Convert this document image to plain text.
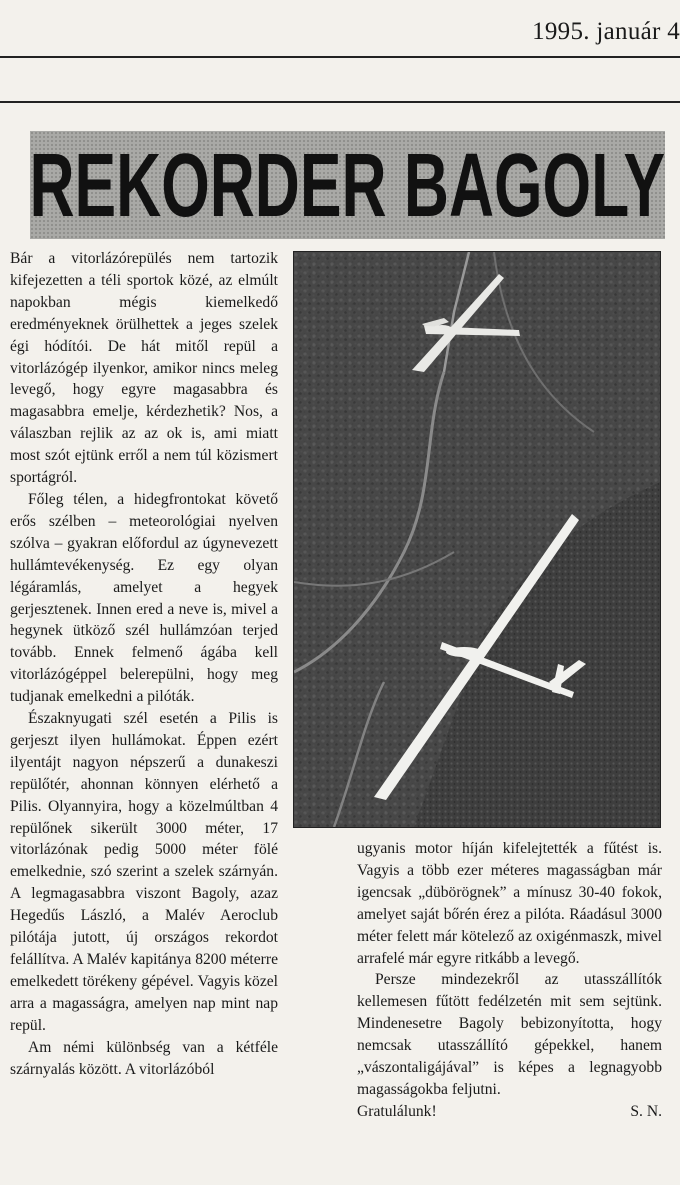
1995. január 4
REKORDER BAGOLY

Bár a vitorlázórepülés nem tartozik kifejezetten a téli sportok közé, az elmúlt napokban mégis kiemelkedő eredményeknek örülhettek a jeges szelek égi hódítói. De hát mitől repül a vitorlázógép ilyenkor, amikor nincs meleg levegő, hogy egyre magasabbra és magasabbra emelje, kérdezhetik? Nos, a válaszban rejlik az az ok is, ami miatt most szót ejtünk erről a nem túl közismert sportágról.

Főleg télen, a hidegfrontokat követő erős szélben – meteorológiai nyelven szólva – gyakran előfordul az úgynevezett hullámtevékenység. Ez egy olyan légáramlás, amelyet a hegyek gerjesztenek. Innen ered a neve is, mivel a hegynek ütköző szél hullámzóan terjed tovább. Ennek felmenő ágába kell vitorlázógéppel belerepülni, hogy meg tudjanak emelkedni a pilóták.

Északnyugati szél esetén a Pilis is gerjeszt ilyen hullámokat. Éppen ezért ilyentájt nagyon népszerű a dunakeszi repülőtér, ahonnan könnyen elérhető a Pilis. Olyannyira, hogy a közelmúltban 4 repülőnek sikerült 3000 méter, 17 vitorlázónak pedig 5000 méter fölé emelkednie, szó szerint a szelek szárnyán. A legmagasabbra viszont Bagoly, azaz Hegedűs László, a Malév Aeroclub pilótája jutott, új országos rekordot felállítva. A Malév kapitánya 8200 méterre emelkedett törékeny gépével. Vagyis közel arra a magasságra, amelyen nap mint nap repül.

Am némi különbség van a kétféle szárnyalás között. A vitorlázóból

ugyanis motor híján kifelejtették a fűtést is. Vagyis a több ezer méteres magasságban már igencsak „dübörögnek” a mínusz 30-40 fokok, amelyet saját bőrén érez a pilóta. Ráadásul 3000 méter felett már kötelező az oxigénmaszk, mivel arrafelé már egyre ritkább a levegő.

Persze mindezekről az utasszállítók kellemesen fűtött fedélzetén mit sem sejtünk. Mindenesetre Bagoly bebizonyította, hogy nemcsak utasszállító gépekkel, hanem „vászontaligájával” is képes a legnagyobb magasságokba feljutni.

Gratulálunk!	S. N.
